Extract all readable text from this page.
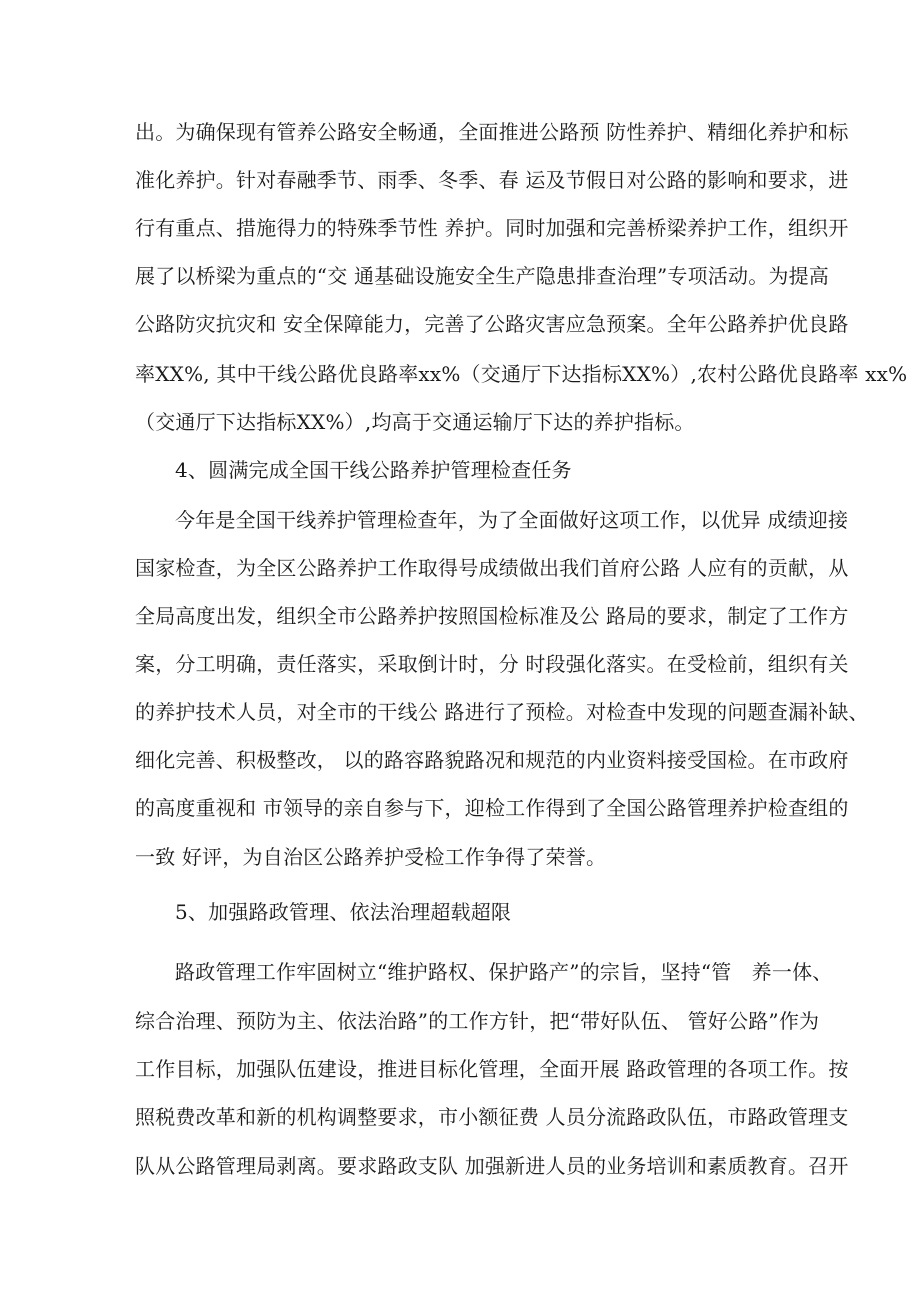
出。为确保现有管养公路安全畅通，全面推进公路预 防性养护、精细化养护和标
准化养护。针对春融季节、雨季、冬季、春 运及节假日对公路的影响和要求，进
行有重点、措施得力的特殊季节性 养护。同时加强和完善桥梁养护工作，组织开
展了以桥梁为重点的“交 通基础设施安全生产隐患排查治理”专项活动。为提高
公路防灾抗灾和 安全保障能力，完善了公路灾害应急预案。全年公路养护优良路
率XX%, 其中干线公路优良路率xx%（交通厅下达指标XX%）,农村公路优良路率 xx%
（交通厅下达指标XX%）,均高于交通运输厅下达的养护指标。
4、圆满完成全国干线公路养护管理检查任务
今年是全国干线养护管理检查年，为了全面做好这项工作，以优异 成绩迎接
国家检查，为全区公路养护工作取得号成绩做出我们首府公路 人应有的贡献，从
全局高度出发，组织全市公路养护按照国检标准及公 路局的要求，制定了工作方
案，分工明确，责任落实，采取倒计时，分 时段强化落实。在受检前，组织有关
的养护技术人员，对全市的干线公 路进行了预检。对检查中发现的问题查漏补缺、
细化完善、积极整改， 以的路容路貌路况和规范的内业资料接受国检。在市政府
的高度重视和 市领导的亲自参与下，迎检工作得到了全国公路管理养护检查组的
一致 好评，为自治区公路养护受检工作争得了荣誉。
5、加强路政管理、依法治理超载超限
路政管理工作牢固树立“维护路权、保护路产”的宗旨，坚持“管　养一体、
综合治理、预防为主、依法治路”的工作方针，把“带好队伍、 管好公路”作为
工作目标，加强队伍建设，推进目标化管理，全面开展 路政管理的各项工作。按
照税费改革和新的机构调整要求，市小额征费 人员分流路政队伍，市路政管理支
队从公路管理局剥离。要求路政支队 加强新进人员的业务培训和素质教育。召开
